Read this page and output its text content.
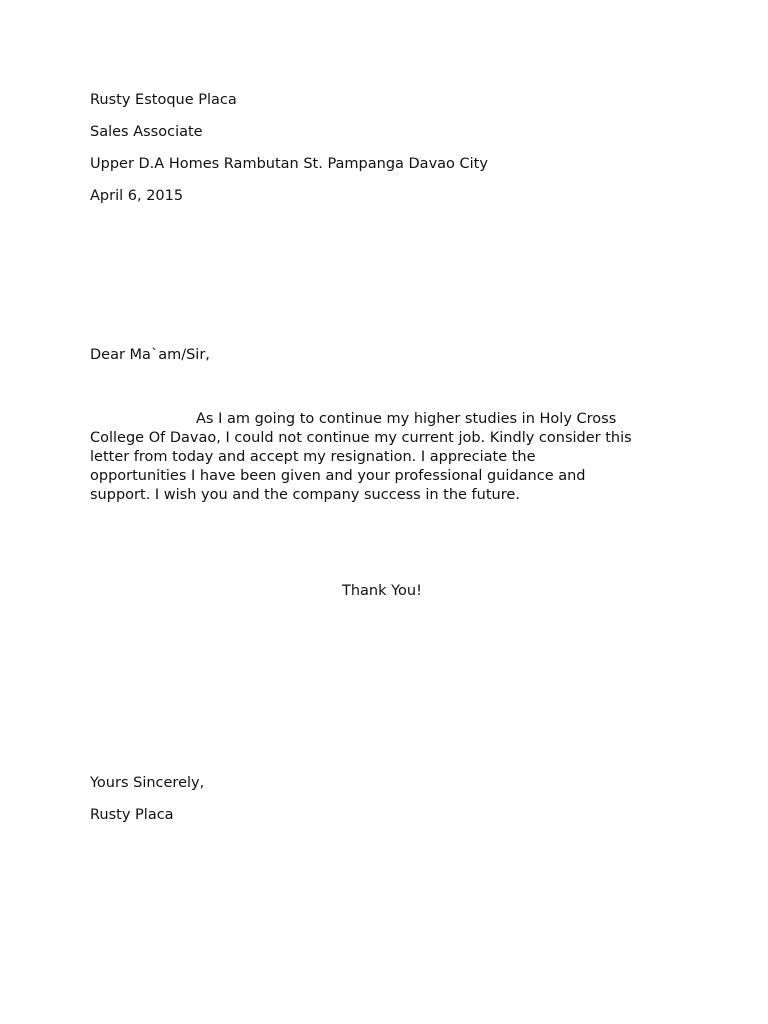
Rusty Estoque Placa
Sales Associate
Upper D.A Homes Rambutan St. Pampanga Davao City
April 6, 2015
Dear Ma`am/Sir,
As I am going to continue my higher studies in Holy Cross
College Of Davao, I could not continue my current job. Kindly consider this
letter from today and accept my resignation. I appreciate the
opportunities I have been given and your professional guidance and
support. I wish you and the company success in the future.
Thank You!
Yours Sincerely,
Rusty Placa
